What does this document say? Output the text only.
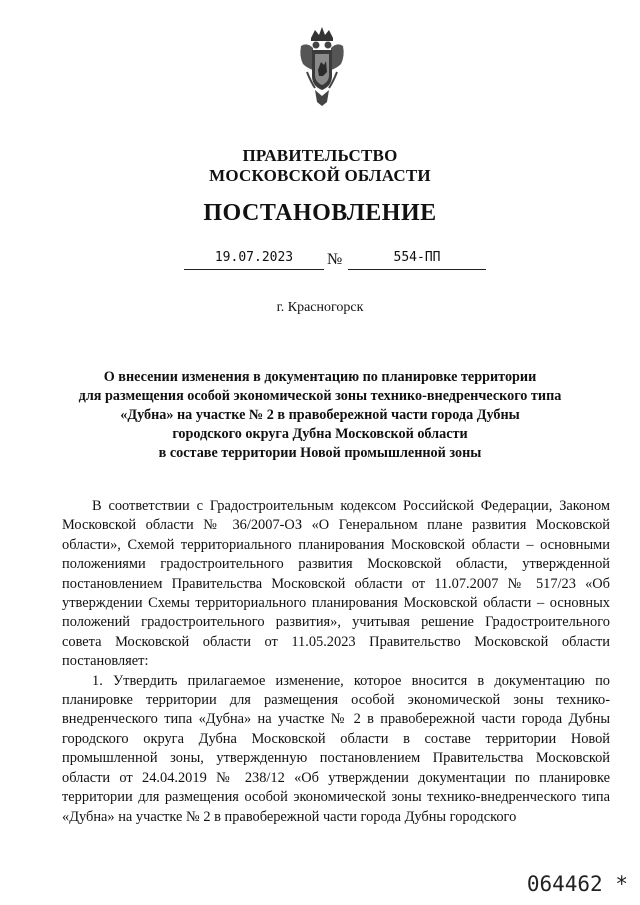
ПРАВИТЕЛЬСТВО
МОСКОВСКОЙ ОБЛАСТИ
ПОСТАНОВЛЕНИЕ
19.07.2023	№	554-ПП
г. Красногорск
О внесении изменения в документацию по планировке территории
для размещения особой экономической зоны технико-внедренческого типа
«Дубна» на участке № 2 в правобережной части города Дубны
городского округа Дубна Московской области
в составе территории Новой промышленной зоны

В соответствии с Градостроительным кодексом Российской Федерации, Законом Московской области № 36/2007-ОЗ «О Генеральном плане развития Московской области», Схемой территориального планирования Московской области – основными положениями градостроительного развития Московской области, утвержденной постановлением Правительства Московской области от 11.07.2007 № 517/23 «Об утверждении Схемы территориального планирования Московской области – основных положений градостроительного развития», учитывая решение Градостроительного совета Московской области от 11.05.2023 Правительство Московской области постановляет:

1. Утвердить прилагаемое изменение, которое вносится в документацию по планировке территории для размещения особой экономической зоны технико-внедренческого типа «Дубна» на участке № 2 в правобережной части города Дубны городского округа Дубна Московской области в составе территории Новой промышленной зоны, утвержденную постановлением Правительства Московской области от 24.04.2019 № 238/12 «Об утверждении документации по планировке территории для размещения особой экономической зоны технико-внедренческого типа «Дубна» на участке № 2 в правобережной части города Дубны городского

064462 *
